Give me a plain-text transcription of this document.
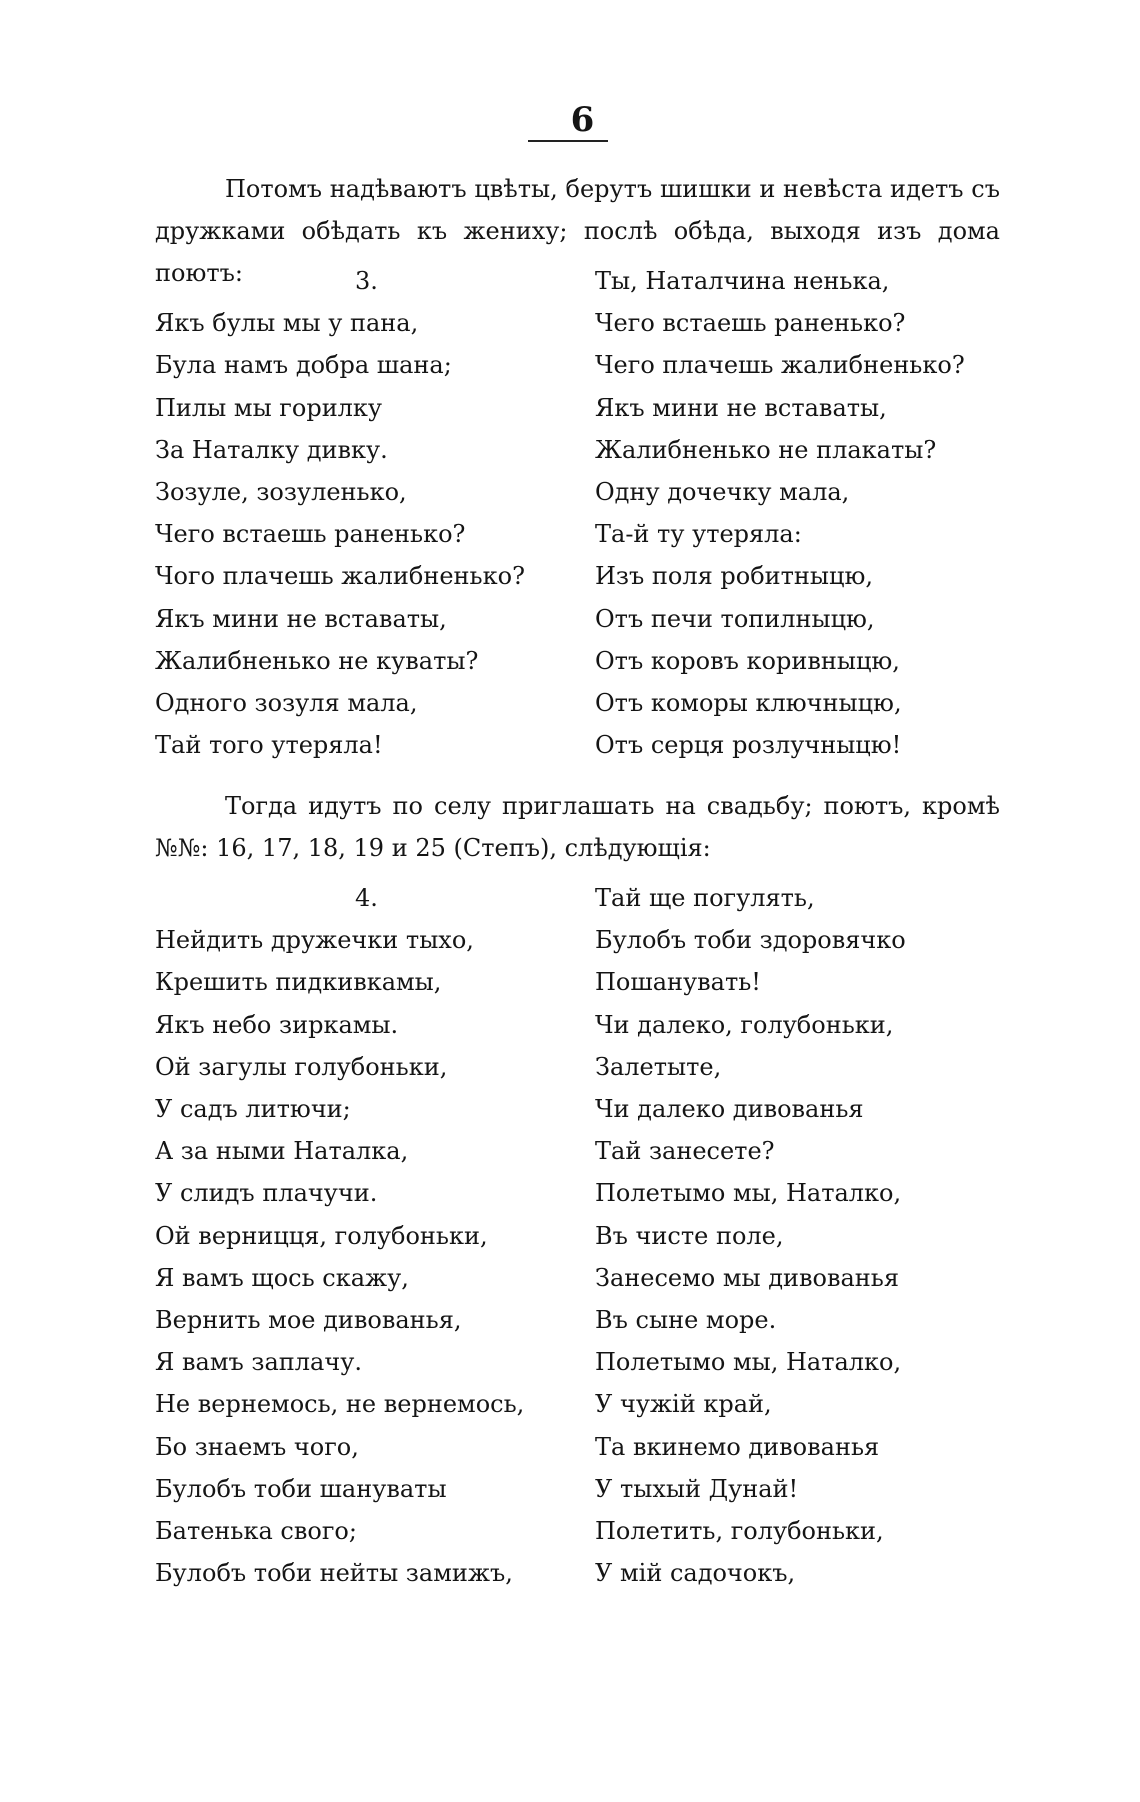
6

Потомъ надѣваютъ цвѣты, берутъ шишки и невѣста идетъ съ дружками обѣдать къ жениху; послѣ обѣда, выходя изъ дома поютъ:	3.
Якъ булы мы у пана,
Була намъ добра шана;
Пилы мы горилку
За Наталку дивку.
Зозуле, зозуленько,
Чего встаешь раненько?
Чого плачешь жалибненько?
Якъ мини не вставаты,
Жалибненько не куваты?
Одного зозуля мала,
Тай того утеряла!
Ты, Наталчина ненька,
Чего встаешь раненько?
Чего плачешь жалибненько?
Якъ мини не вставаты,
Жалибненько не плакаты?
Одну дочечку мала,
Та-й ту утеряла:
Изъ поля робитныцю,
Отъ печи топилныцю,
Отъ коровъ коривныцю,
Отъ коморы ключныцю,
Отъ серця розлучныцю!

Тогда идутъ по селу приглашать на свадьбу; поютъ, кромѣ №№: 16, 17, 18, 19 и 25 (Степъ), слѣдующія:

4.
Нейдить дружечки тыхо,
Крешить пидкивкамы,
Якъ небо зиркамы.
Ой загулы голубоньки,
У садъ литючи;
А за ными Наталка,
У слидъ плачучи.
Ой верницця, голубоньки,
Я вамъ щось скажу,
Вернить мое дивованья,
Я вамъ заплачу.
Не вернемось, не вернемось,
Бо знаемъ чого,
Булобъ тоби шануваты
Батенька свого;
Булобъ тоби нейты замижъ,
Тай ще погулять,
Булобъ тоби здоровячко
Пошанувать!
Чи далеко, голубоньки,
Залетыте,
Чи далеко дивованья
Тай занесете?
Полетымо мы, Наталко,
Въ чисте поле,
Занесемо мы дивованья
Въ сыне море.
Полетымо мы, Наталко,
У чужій край,
Та вкинемо дивованья
У тыхый Дунай!
Полетить, голубоньки,
У мій садочокъ,
